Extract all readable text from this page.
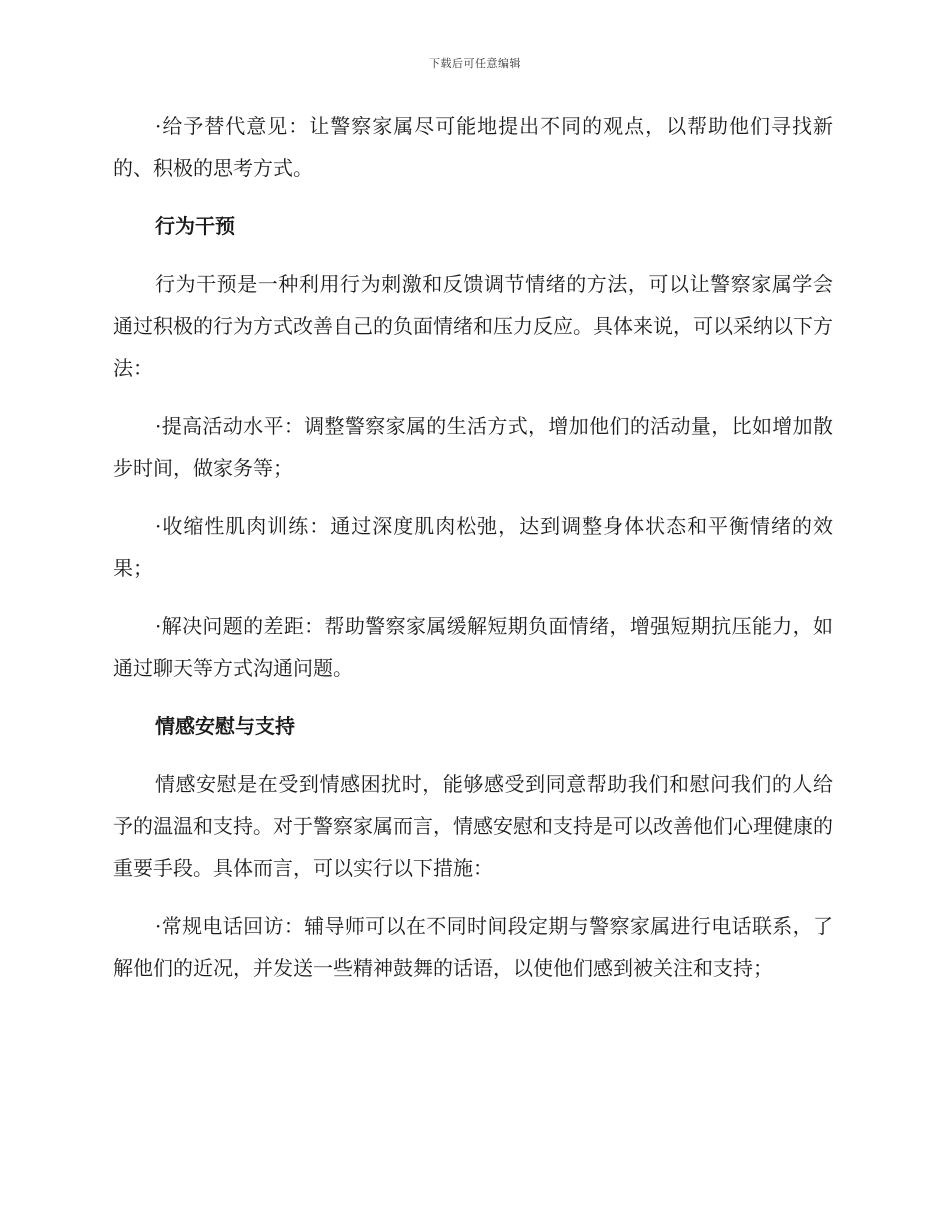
下载后可任意编辑

·给予替代意见：让警察家属尽可能地提出不同的观点，以帮助他们寻找新的、积极的思考方式。

行为干预

行为干预是一种利用行为刺激和反馈调节情绪的方法，可以让警察家属学会通过积极的行为方式改善自己的负面情绪和压力反应。具体来说，可以采纳以下方法：

·提高活动水平：调整警察家属的生活方式，增加他们的活动量，比如增加散步时间，做家务等；

·收缩性肌肉训练：通过深度肌肉松弛，达到调整身体状态和平衡情绪的效果；

·解决问题的差距：帮助警察家属缓解短期负面情绪，增强短期抗压能力，如通过聊天等方式沟通问题。

情感安慰与支持

情感安慰是在受到情感困扰时，能够感受到同意帮助我们和慰问我们的人给予的温温和支持。对于警察家属而言，情感安慰和支持是可以改善他们心理健康的重要手段。具体而言，可以实行以下措施：

·常规电话回访：辅导师可以在不同时间段定期与警察家属进行电话联系，了解他们的近况，并发送一些精神鼓舞的话语，以使他们感到被关注和支持；
